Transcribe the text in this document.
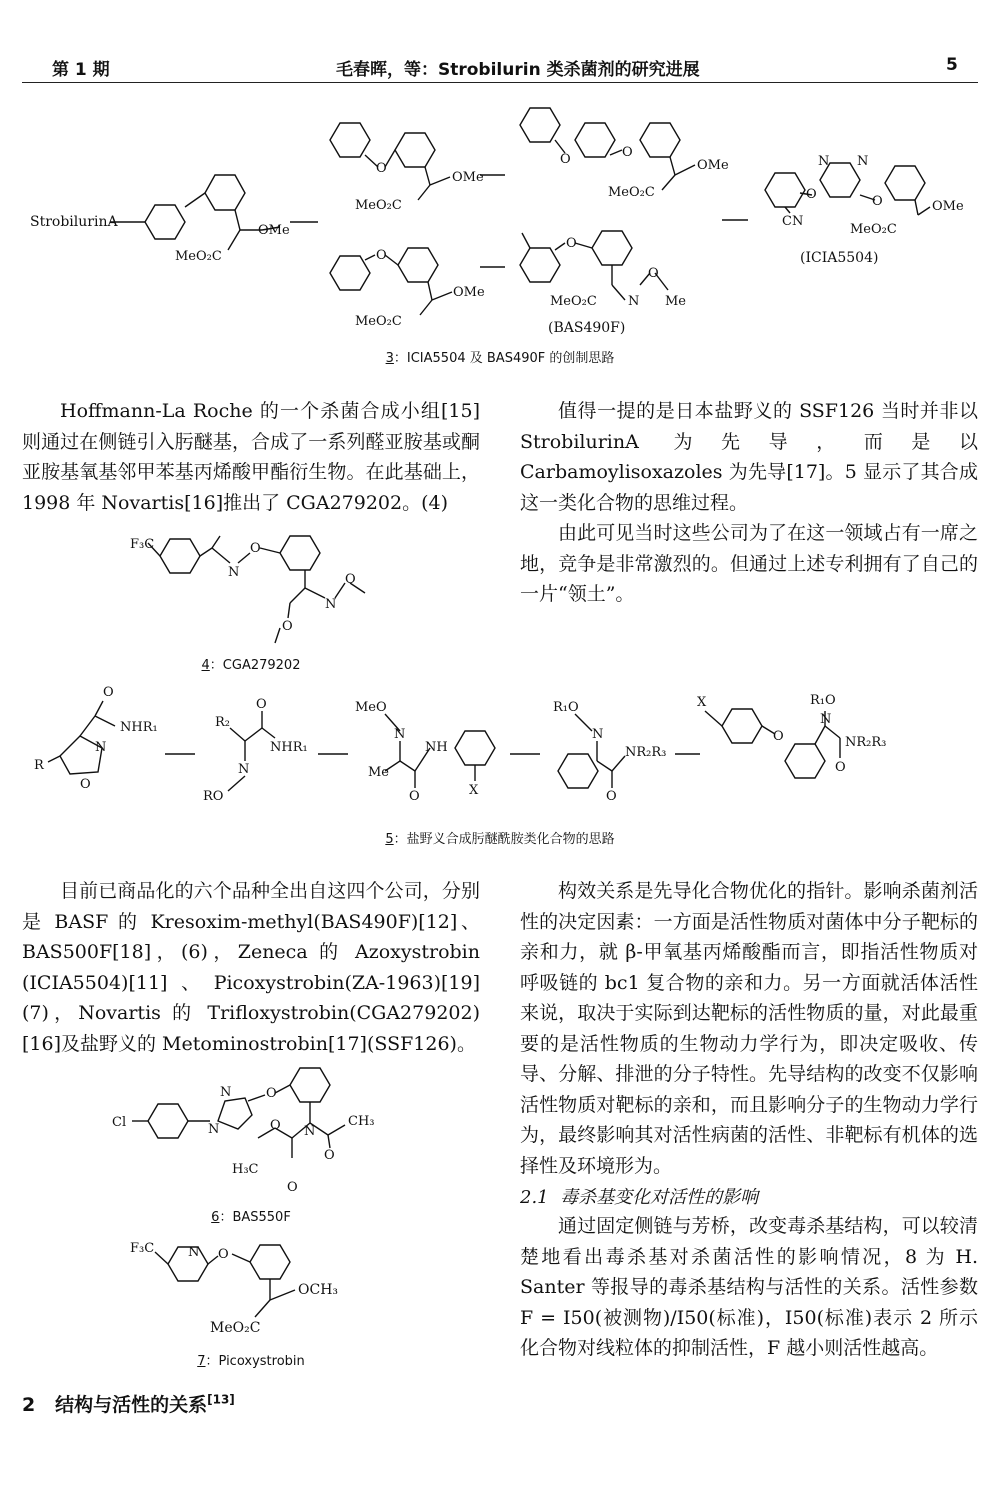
第 1 期	毛春晖，等：Strobilurin 类杀菌剂的研究进展	5
StrobilurinA
OMe
MeO₂C
O
OMe
MeO₂C
O	O
OMe
MeO₂C
N N
O	O
CN
OMe
MeO₂C
(ICIA5504)
O
OMe
MeO₂C
O
MeO₂C N
O
Me
(BAS490F)
3：ICIA5504 及 BAS490F 的创制思路

Hoffmann-La Roche 的一个杀菌合成小组[15]则通过在侧链引入肟醚基，合成了一系列醛亚胺基或酮亚胺基氧基邻甲苯基丙烯酸甲酯衍生物。在此基础上，1998 年 Novartis[16]推出了 CGA279202。(4)

F₃C
N
O
N
O
O
4：CGA279202

值得一提的是日本盐野义的 SSF126 当时并非以 StrobilurinA 为先导，而是以 Carbamoylisoxazoles 为先导[17]。5 显示了其合成这一类化合物的思维过程。

由此可见当时这些公司为了在这一领域占有一席之地，竞争是非常激烈的。但通过上述专利拥有了自己的一片“领土”。

O
NHR₁
R
N
O
R₂
O
NHR₁
N
RO
MeO
N
NH
Me
O	X
R₁O
N
NR₂R₃
O
X
O
R₁O
N
NR₂R₃
O
5：盐野义合成肟醚酰胺类化合物的思路

目前已商品化的六个品种全出自这四个公司，分别是 BASF 的 Kresoxim-methyl(BAS490F)[12]、BAS500F[18]，(6)，Zeneca 的 Azoxystrobin (ICIA5504)[11]、Picoxystrobin(ZA-1963)[19](7)，Novartis 的 Trifloxystrobin(CGA279202)[16]及盐野义的 Metominostrobin[17](SSF126)。

Cl
N
N
O
N
O	CH₃
O
H₃C
O
6：BAS550F
F₃C	N O
OCH₃
MeO₂C
7：Picoxystrobin
2 结构与活性的关系[13]

构效关系是先导化合物优化的指针。影响杀菌剂活性的决定因素：一方面是活性物质对菌体中分子靶标的亲和力，就 β-甲氧基丙烯酸酯而言，即指活性物质对呼吸链的 bc1 复合物的亲和力。另一方面就活体活性来说，取决于实际到达靶标的活性物质的量，对此最重要的是活性物质的生物动力学行为，即决定吸收、传导、分解、排泄的分子特性。先导结构的改变不仅影响活性物质对靶标的亲和，而且影响分子的生物动力学行为，最终影响其对活性病菌的活性、非靶标有机体的选择性及环境形为。

2.1 毒杀基变化对活性的影响

通过固定侧链与芳桥，改变毒杀基结构，可以较清楚地看出毒杀基对杀菌活性的影响情况，8 为 H. Santer 等报导的毒杀基结构与活性的关系。活性参数 F = I50(被测物)/I50(标准)，I50(标准)表示 2 所示化合物对线粒体的抑制活性，F 越小则活性越高。
